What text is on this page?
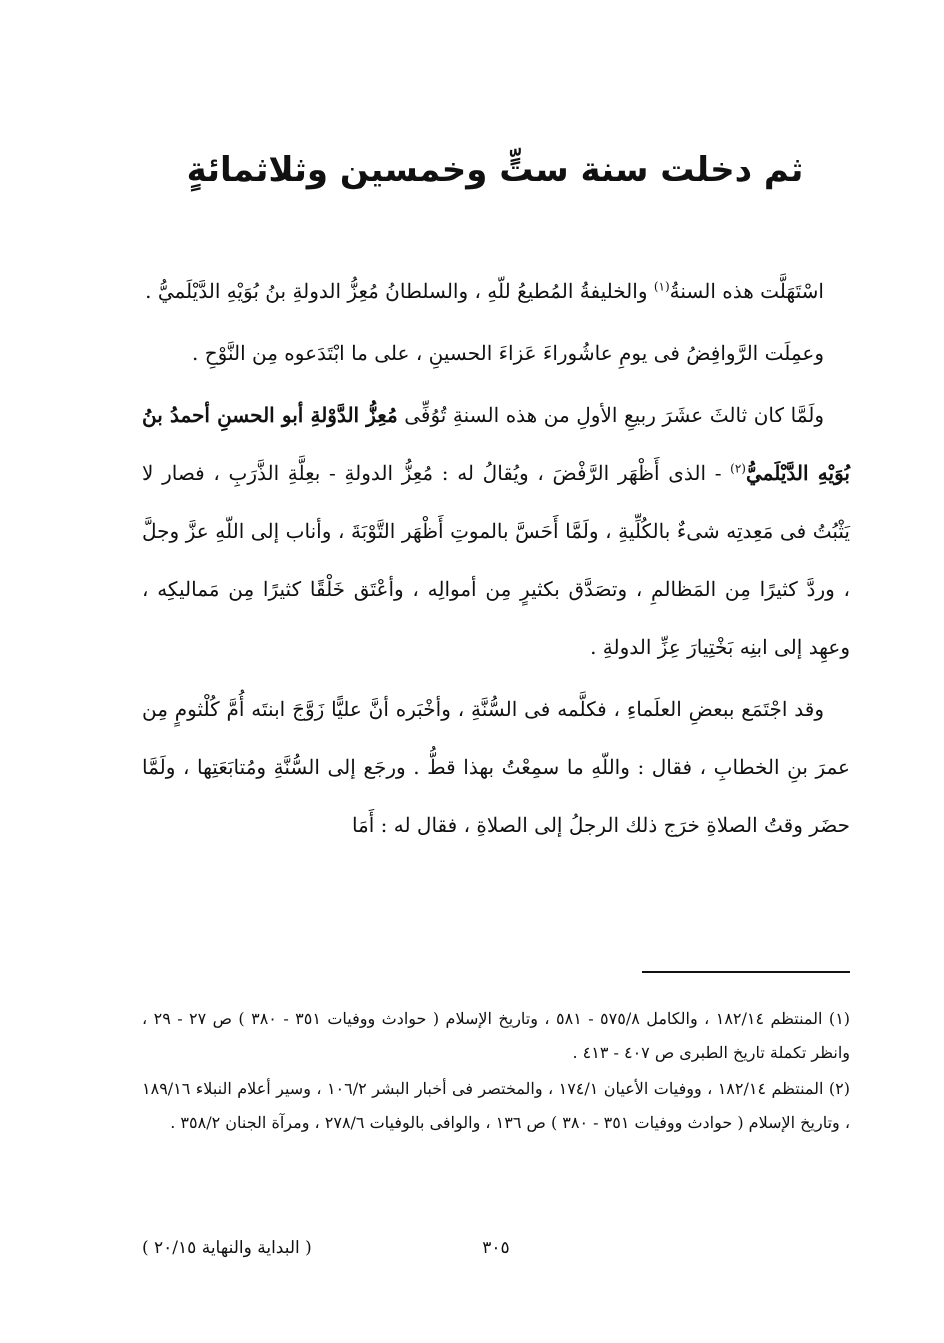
ثم دخلت سنة ستٍّ وخمسين وثلاثمائةٍ

اسْتَهَلَّت هذه السنةُ$^{(١)}$ والخليفةُ المُطيعُ للّهِ ، والسلطانُ مُعِزُّ الدولةِ بنُ بُوَيْهِ الدَّيْلَميُّ .

وعمِلَت الرَّوافِضُ فى يومِ عاشُوراءَ عَزاءَ الحسينِ ، على ما ابْتَدَعوه مِن النَّوْحِ .

ولَمَّا كان ثالثَ عشَرَ ربيعِ الأولِ من هذه السنةِ تُوُفِّى مُعِزُّ الدَّوْلةِ أبو الحسنِ أحمدُ بنُ بُوَيْهِ الدَّيْلَميُّ$^{(٢)}$ - الذى أَظْهَر الرَّفْضَ ، ويُقالُ له : مُعِزُّ الدولةِ - بعِلَّةِ الذَّرَبِ ، فصار لا يَثْبُتُ فى مَعِدتِه شىءٌ بالكُلِّيةِ ، ولَمَّا أَحَسَّ بالموتِ أَظْهَر التَّوْبَةَ ، وأناب إلى اللّهِ عزَّ وجلَّ ، وردَّ كثيرًا مِن المَظالمِ ، وتصَدَّق بكثيرٍ مِن أموالِه ، وأعْتَق خَلْقًا كثيرًا مِن مَماليكِه ، وعهِد إلى ابنِه بَخْتِيارَ عِزِّ الدولةِ .

وقد اجْتَمَع ببعضِ العلَماءِ ، فكلَّمه فى السُّنَّةِ ، وأخْبَره أنَّ عليًّا زَوَّجَ ابنتَه أُمَّ كُلْثومٍ مِن عمرَ بنِ الخطابِ ، فقال : واللّهِ ما سمِعْتُ بهذا قطُّ . ورجَع إلى السُّنَّةِ ومُتابَعَتِها ، ولَمَّا حضَر وقتُ الصلاةِ خرَج ذلك الرجلُ إلى الصلاةِ ، فقال له : أَمَا

(١) المنتظم ١٨٢/١٤ ، والكامل ٥٧٥/٨ - ٥٨١ ، وتاريخ الإسلام ( حوادث ووفيات ٣٥١ - ٣٨٠ ) ص ٢٧ - ٢٩ ، وانظر تكملة تاريخ الطبرى ص ٤٠٧ - ٤١٣ .
(٢) المنتظم ١٨٢/١٤ ، ووفيات الأعيان ١٧٤/١ ، والمختصر فى أخبار البشر ١٠٦/٢ ، وسير أعلام النبلاء ١٨٩/١٦ ، وتاريخ الإسلام ( حوادث ووفيات ٣٥١ - ٣٨٠ ) ص ١٣٦ ، والوافى بالوفيات ٢٧٨/٦ ، ومرآة الجنان ٣٥٨/٢ .
٣٠٥
( البداية والنهاية ٢٠/١٥ )
